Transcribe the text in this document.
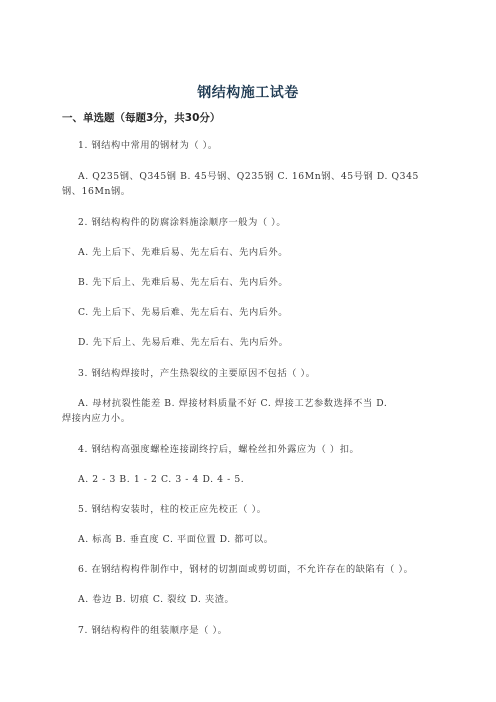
钢结构施工试卷
一、单选题（每题3分，共30分）
1. 钢结构中常用的钢材为（ ）。
A. Q235钢、Q345钢 B. 45号钢、Q235钢 C. 16Mn钢、45号钢 D. Q345
钢、16Mn钢。
2. 钢结构构件的防腐涂料施涂顺序一般为（ ）。
A. 先上后下、先难后易、先左后右、先内后外。
B. 先下后上、先难后易、先左后右、先内后外。
C. 先上后下、先易后难、先左后右、先内后外。
D. 先下后上、先易后难、先左后右、先内后外。
3. 钢结构焊接时，产生热裂纹的主要原因不包括（ ）。
A. 母材抗裂性能差 B. 焊接材料质量不好 C. 焊接工艺参数选择不当 D.
焊接内应力小。
4. 钢结构高强度螺栓连接副终拧后，螺栓丝扣外露应为（ ）扣。
A. 2 - 3 B. 1 - 2 C. 3 - 4 D. 4 - 5.
5. 钢结构安装时，柱的校正应先校正（ ）。
A. 标高 B. 垂直度 C. 平面位置 D. 都可以。
6. 在钢结构构件制作中，钢材的切割面或剪切面，不允许存在的缺陷有（ ）。
A. 卷边 B. 切痕 C. 裂纹 D. 夹渣。
7. 钢结构构件的组装顺序是（ ）。
